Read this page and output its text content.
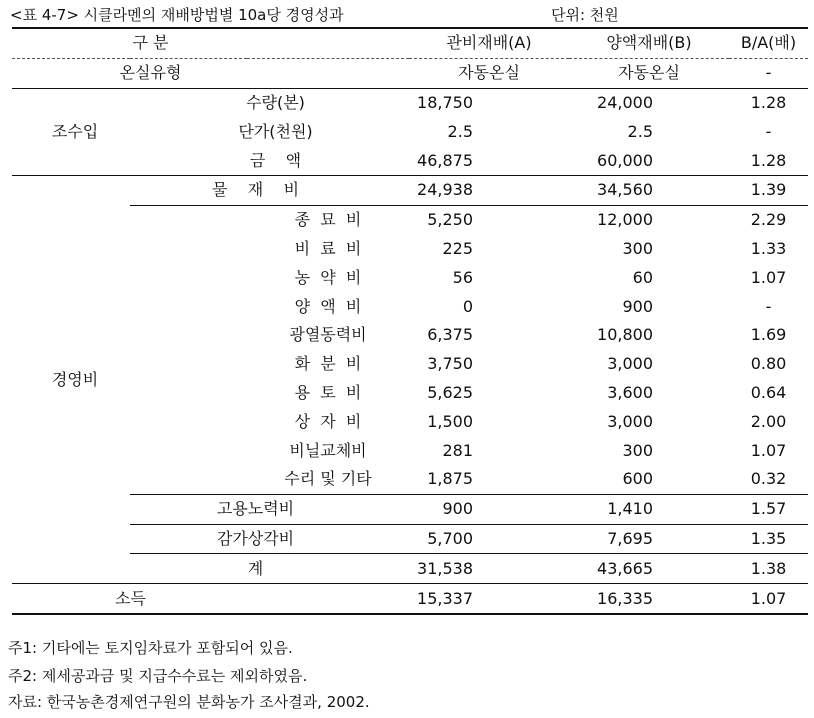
<표 4-7> 시클라멘의 재배방법별 10a당 경영성과	단위: 천원
구 분			관비재배(A)	양액재배(B)	B/A(배)
온실유형			자동온실	자동온실	-
조수입	수량(본)		18,750	24,000	1.28
	단가(천원)		2.5	2.5	-
	금    액		46,875	60,000	1.28
경영비	물    재    비		24,938	34,560	1.39
		종  묘  비	5,250	12,000	2.29
		비  료  비	225	300	1.33
		농  약  비	56	60	1.07
		양  액  비	0	900	-
		광열동력비	6,375	10,800	1.69
		화  분  비	3,750	3,000	0.80
		용  토  비	5,625	3,600	0.64
		상  자  비	1,500	3,000	2.00
		비닐교체비	281	300	1.07
		수리 및 기타	1,875	600	0.32
	고용노력비		900	1,410	1.57
	감가상각비		5,700	7,695	1.35
	계		31,538	43,665	1.38
소득			15,337	16,335	1.07
주1: 기타에는 토지임차료가 포함되어 있음.
주2: 제세공과금 및 지급수수료는 제외하였음.
자료: 한국농촌경제연구원의 분화농가 조사결과, 2002.
